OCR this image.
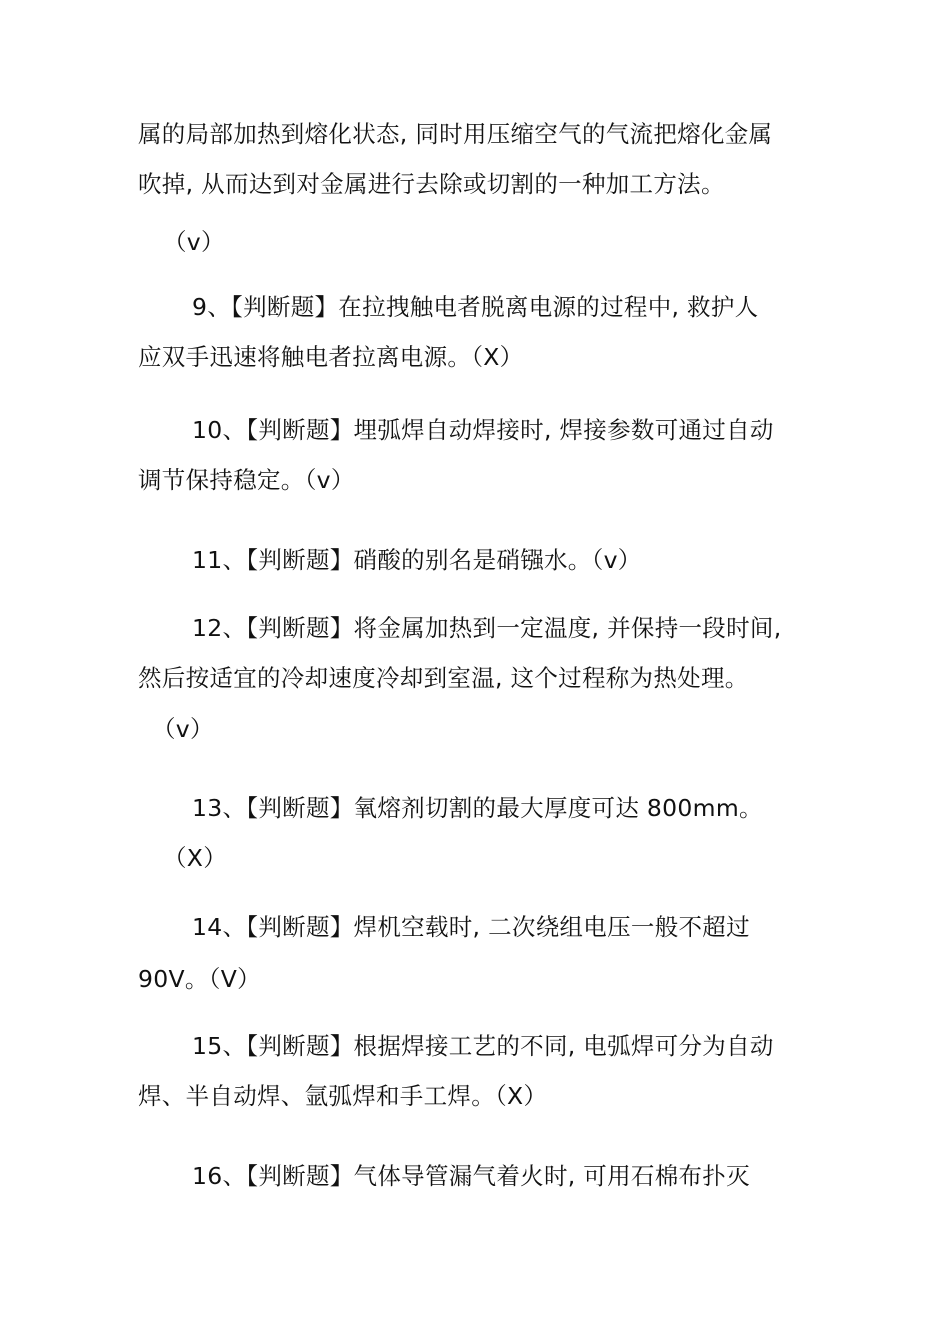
属的局部加热到熔化状态, 同时用压缩空气的气流把熔化金属
吹掉, 从而达到对金属进行去除或切割的一种加工方法。
（v）
9、【判断题】在拉拽触电者脱离电源的过程中, 救护人
应双手迅速将触电者拉离电源。（X）
10、【判断题】埋弧焊自动焊接时, 焊接参数可通过自动
调节保持稳定。（v）
11、【判断题】硝酸的别名是硝镪水。（v）
12、【判断题】将金属加热到一定温度, 并保持一段时间,
然后按适宜的冷却速度冷却到室温, 这个过程称为热处理。
（v）
13、【判断题】氧熔剂切割的最大厚度可达 800mm。
（X）
14、【判断题】焊机空载时, 二次绕组电压一般不超过
90V。（V）
15、【判断题】根据焊接工艺的不同, 电弧焊可分为自动
焊、半自动焊、氩弧焊和手工焊。（X）
16、【判断题】气体导管漏气着火时, 可用石棉布扑灭
